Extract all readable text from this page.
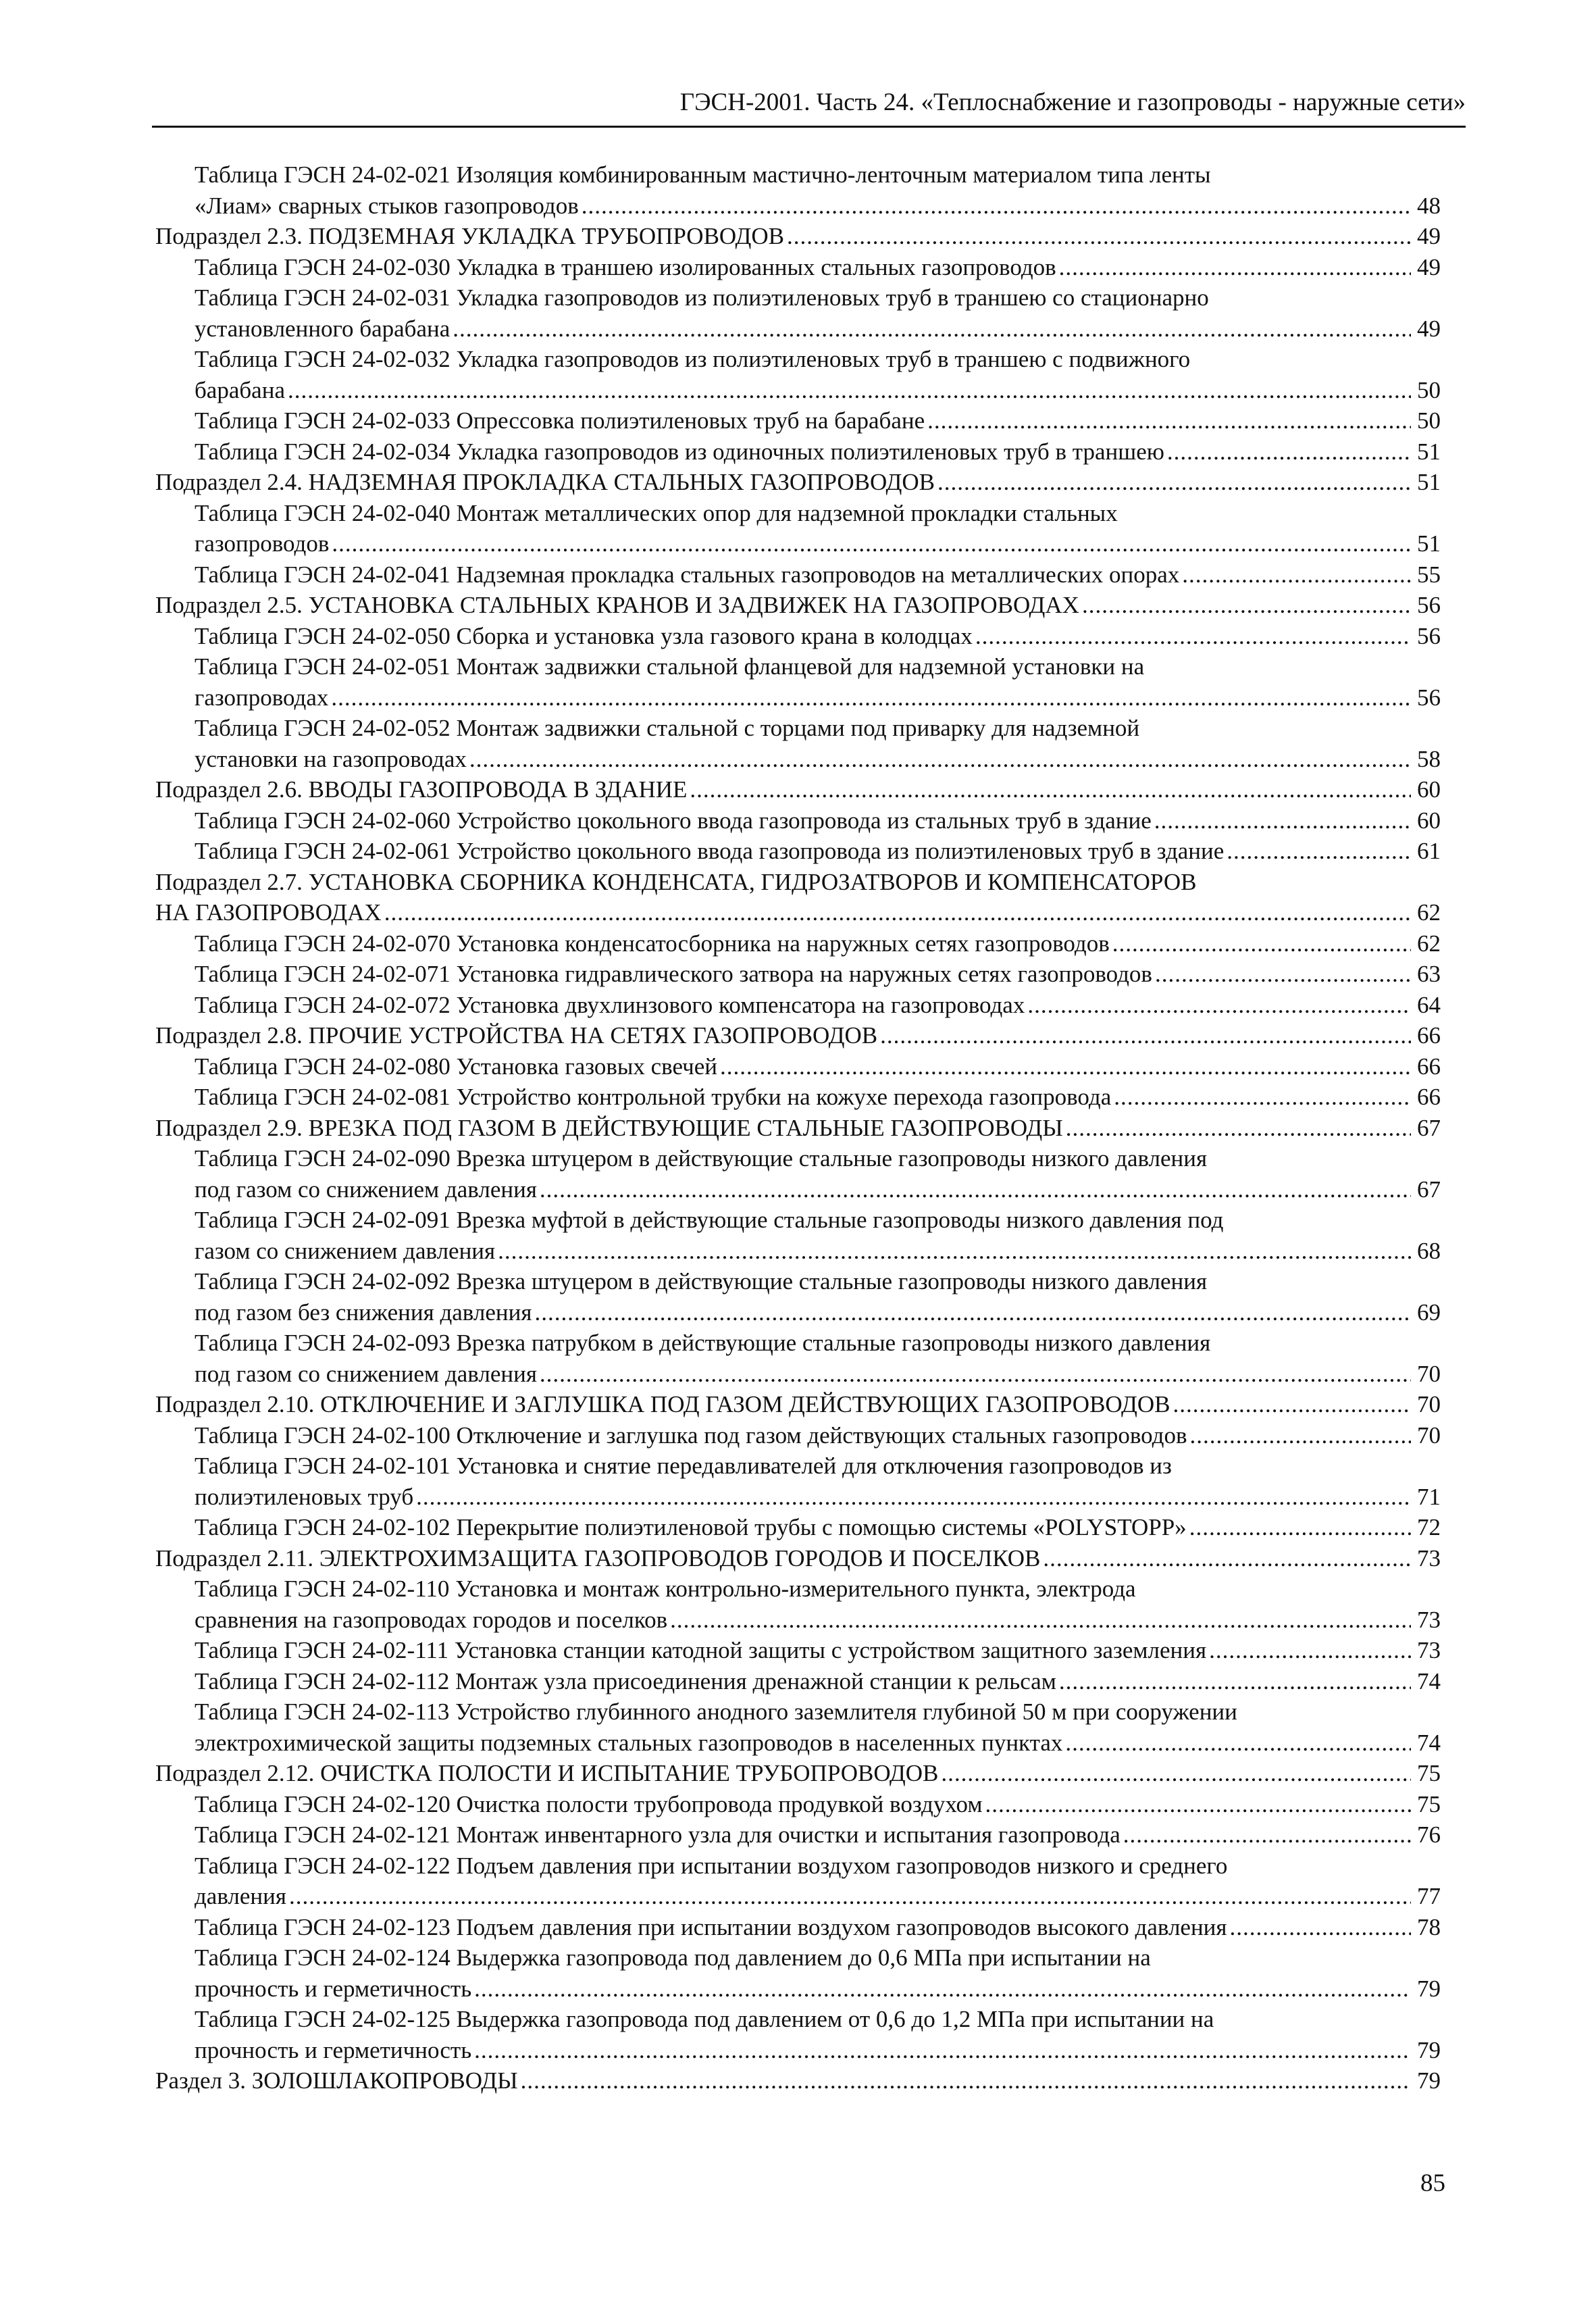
ГЭСН-2001. Часть 24. «Теплоснабжение и газопроводы - наружные сети»
Таблица ГЭСН 24-02-021 Изоляция комбинированным мастично-ленточным материалом типа ленты
«Лиам» сварных стыков газопроводов .....	48
Подраздел 2.3. ПОДЗЕМНАЯ УКЛАДКА ТРУБОПРОВОДОВ .....	49
Таблица ГЭСН 24-02-030 Укладка в траншею изолированных стальных газопроводов .....	49
Таблица ГЭСН 24-02-031 Укладка газопроводов из полиэтиленовых труб в траншею со стационарно
установленного барабана .....	49
Таблица ГЭСН 24-02-032 Укладка газопроводов из полиэтиленовых труб в траншею с подвижного
барабана .....	50
Таблица ГЭСН 24-02-033 Опрессовка полиэтиленовых труб на барабане .....	50
Таблица ГЭСН 24-02-034 Укладка газопроводов из одиночных полиэтиленовых труб в траншею .....	51
Подраздел 2.4. НАДЗЕМНАЯ ПРОКЛАДКА СТАЛЬНЫХ ГАЗОПРОВОДОВ .....	51
Таблица ГЭСН 24-02-040 Монтаж металлических опор для надземной прокладки стальных
газопроводов .....	51
Таблица ГЭСН 24-02-041 Надземная прокладка стальных газопроводов на металлических опорах .....	55
Подраздел 2.5. УСТАНОВКА СТАЛЬНЫХ КРАНОВ И ЗАДВИЖЕК НА ГАЗОПРОВОДАХ .....	56
Таблица ГЭСН 24-02-050 Сборка и установка узла газового крана в колодцах .....	56
Таблица ГЭСН 24-02-051 Монтаж задвижки стальной фланцевой для надземной установки на
газопроводах .....	56
Таблица ГЭСН 24-02-052 Монтаж задвижки стальной с торцами под приварку для надземной
установки на газопроводах .....	58
Подраздел 2.6. ВВОДЫ ГАЗОПРОВОДА В ЗДАНИЕ .....	60
Таблица ГЭСН 24-02-060 Устройство цокольного ввода газопровода из стальных труб в здание .....	60
Таблица ГЭСН 24-02-061 Устройство цокольного ввода газопровода из полиэтиленовых труб в здание .....	61
Подраздел 2.7. УСТАНОВКА СБОРНИКА КОНДЕНСАТА, ГИДРОЗАТВОРОВ И КОМПЕНСАТОРОВ
НА ГАЗОПРОВОДАХ .....	62
Таблица ГЭСН 24-02-070 Установка конденсатосборника на наружных сетях газопроводов .....	62
Таблица ГЭСН 24-02-071 Установка гидравлического затвора на наружных сетях газопроводов .....	63
Таблица ГЭСН 24-02-072 Установка двухлинзового компенсатора на газопроводах .....	64
Подраздел 2.8. ПРОЧИЕ УСТРОЙСТВА НА СЕТЯХ ГАЗОПРОВОДОВ .....	66
Таблица ГЭСН 24-02-080 Установка газовых свечей .....	66
Таблица ГЭСН 24-02-081 Устройство контрольной трубки на кожухе перехода газопровода .....	66
Подраздел 2.9. ВРЕЗКА ПОД ГАЗОМ В ДЕЙСТВУЮЩИЕ СТАЛЬНЫЕ ГАЗОПРОВОДЫ .....	67
Таблица ГЭСН 24-02-090 Врезка штуцером в действующие стальные газопроводы низкого давления
под газом со снижением давления .....	67
Таблица ГЭСН 24-02-091 Врезка муфтой в действующие стальные газопроводы низкого давления под
газом со снижением давления .....	68
Таблица ГЭСН 24-02-092 Врезка штуцером в действующие стальные газопроводы низкого давления
под газом без снижения давления .....	69
Таблица ГЭСН 24-02-093 Врезка патрубком в действующие стальные газопроводы низкого давления
под газом со снижением давления .....	70
Подраздел 2.10. ОТКЛЮЧЕНИЕ И ЗАГЛУШКА ПОД ГАЗОМ ДЕЙСТВУЮЩИХ ГАЗОПРОВОДОВ .....	70
Таблица ГЭСН 24-02-100 Отключение и заглушка под газом действующих стальных газопроводов .....	70
Таблица ГЭСН 24-02-101 Установка и снятие передавливателей для отключения газопроводов из
полиэтиленовых труб .....	71
Таблица ГЭСН 24-02-102 Перекрытие полиэтиленовой трубы с помощью системы «POLYSTOPP» .....	72
Подраздел 2.11. ЭЛЕКТРОХИМЗАЩИТА ГАЗОПРОВОДОВ ГОРОДОВ И ПОСЕЛКОВ .....	73
Таблица ГЭСН 24-02-110 Установка и монтаж контрольно-измерительного пункта, электрода
сравнения на газопроводах городов и поселков .....	73
Таблица ГЭСН 24-02-111 Установка станции катодной защиты с устройством защитного заземления .....	73
Таблица ГЭСН 24-02-112 Монтаж узла присоединения дренажной станции к рельсам .....	74
Таблица ГЭСН 24-02-113 Устройство глубинного анодного заземлителя глубиной 50 м при сооружении
электрохимической защиты подземных стальных газопроводов в населенных пунктах .....	74
Подраздел 2.12. ОЧИСТКА ПОЛОСТИ И ИСПЫТАНИЕ ТРУБОПРОВОДОВ .....	75
Таблица ГЭСН 24-02-120 Очистка полости трубопровода продувкой воздухом .....	75
Таблица ГЭСН 24-02-121 Монтаж инвентарного узла для очистки и испытания газопровода .....	76
Таблица ГЭСН 24-02-122 Подъем давления при испытании воздухом газопроводов низкого и среднего
давления .....	77
Таблица ГЭСН 24-02-123 Подъем давления при испытании воздухом газопроводов высокого давления .....	78
Таблица ГЭСН 24-02-124 Выдержка газопровода под давлением до 0,6 МПа при испытании на
прочность и герметичность .....	79
Таблица ГЭСН 24-02-125 Выдержка газопровода под давлением от 0,6 до 1,2 МПа при испытании на
прочность и герметичность .....	79
Раздел 3. ЗОЛОШЛАКОПРОВОДЫ .....	79
85
